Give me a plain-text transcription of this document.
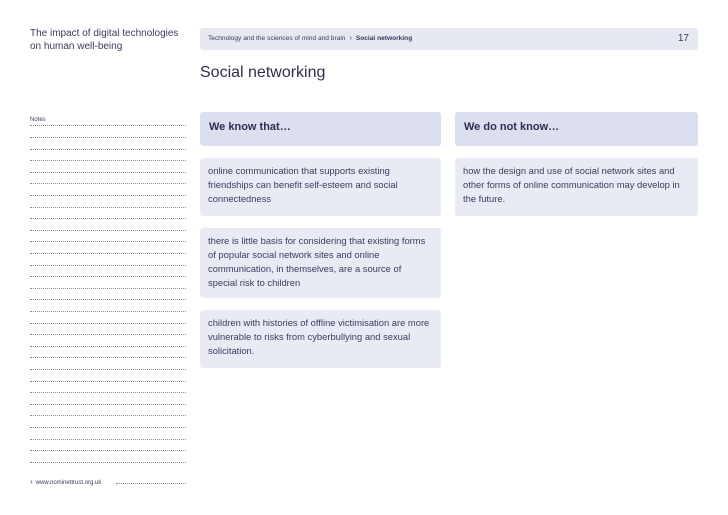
The impact of digital technologies on human well-being
Technology and the sciences of mind and brain › Social networking	17
Social networking
Notes
› www.nominettrust.org.uk
We know that…	We do not know…
online communication that supports existing friendships can benefit self-esteem and social connectedness
there is little basis for considering that existing forms of popular social network sites and online communication, in themselves, are a source of special risk to children
children with histories of offline victimisation are more vulnerable to risks from cyberbullying and sexual solicitation.
how the design and use of social network sites and other forms of online communication may develop in the future.
